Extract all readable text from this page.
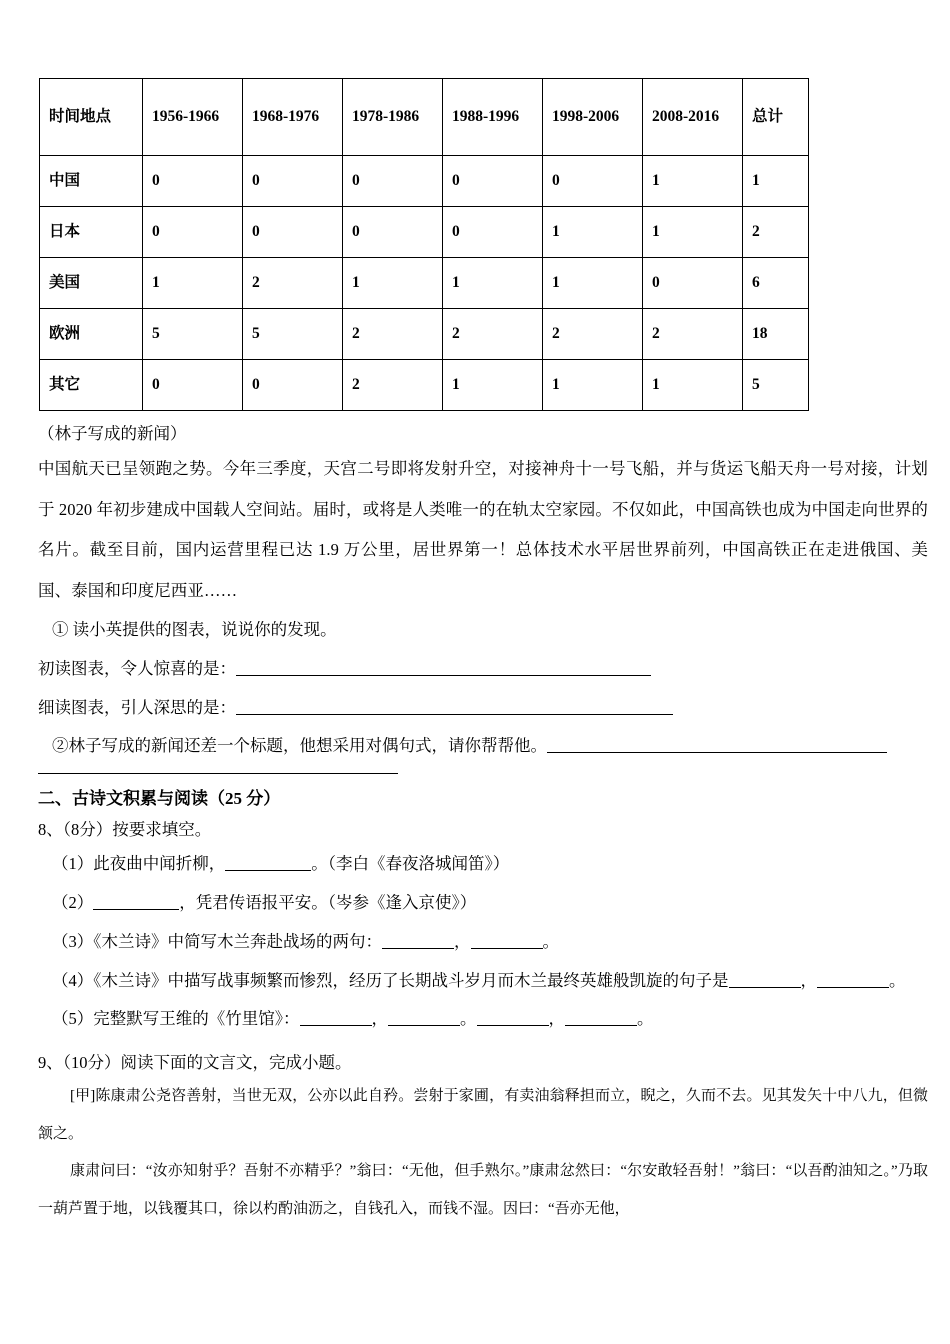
时间地点	1956-1966	1968-1976	1978-1986	1988-1996	1998-2006	2008-2016	总计
中国	0	0	0	0	0	1	1
日本	0	0	0	0	1	1	2
美国	1	2	1	1	1	0	6
欧洲	5	5	2	2	2	2	18
其它	0	0	2	1	1	1	5

（林子写成的新闻）

中国航天已呈领跑之势。今年三季度，天宫二号即将发射升空，对接神舟十一号飞船，并与货运飞船天舟一号对接，计划于 2020 年初步建成中国载人空间站。届时，或将是人类唯一的在轨太空家园。不仅如此，中国高铁也成为中国走向世界的名片。截至目前，国内运营里程已达 1.9 万公里，居世界第一！总体技术水平居世界前列，中国高铁正在走进俄国、美国、泰国和印度尼西亚……

① 读小英提供的图表，说说你的发现。

初读图表，令人惊喜的是：

细读图表，引人深思的是：

②林子写成的新闻还差一个标题，他想采用对偶句式，请你帮帮他。

二、古诗文积累与阅读（25 分）

8、（8分）按要求填空。

（1）此夜曲中闻折柳，	。（李白《春夜洛城闻笛》）

（2）	，凭君传语报平安。（岑参《逢入京使》）

（3）《木兰诗》中简写木兰奔赴战场的两句：	，	。

（4）《木兰诗》中描写战事频繁而惨烈，经历了长期战斗岁月而木兰最终英雄般凯旋的句子是	，	。

（5）完整默写王维的《竹里馆》：	，	。	，	。

9、（10分）阅读下面的文言文，完成小题。

[甲]陈康肃公尧咨善射，当世无双，公亦以此自矜。尝射于家圃，有卖油翁释担而立，睨之，久而不去。见其发矢十中八九，但微颔之。

康肃问曰：“汝亦知射乎？吾射不亦精乎？”翁曰：“无他，但手熟尔。”康肃忿然曰：“尔安敢轻吾射！”翁曰：“以吾酌油知之。”乃取一葫芦置于地，以钱覆其口，徐以杓酌油沥之，自钱孔入，而钱不湿。因曰：“吾亦无他，
